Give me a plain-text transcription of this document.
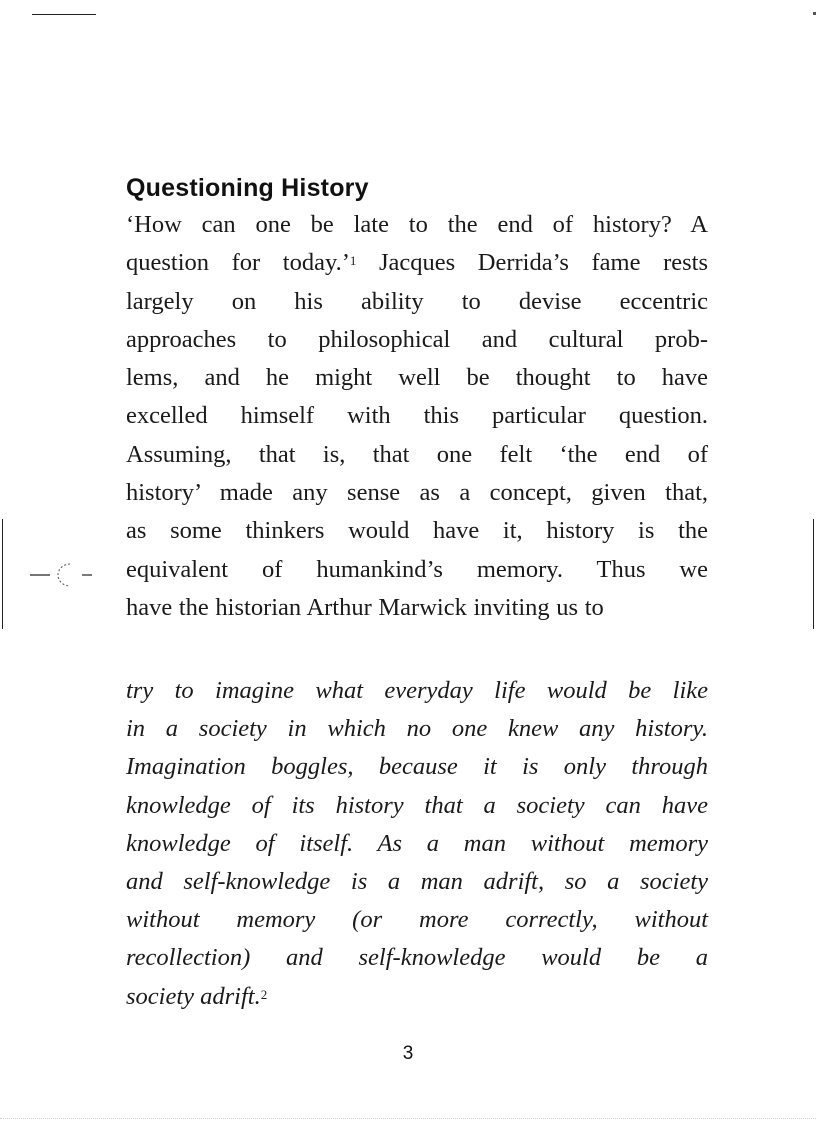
Questioning History
‘How can one be late to the end of history? A
question for today.’$^1$ Jacques Derrida’s fame rests
largely on his ability to devise eccentric
approaches to philosophical and cultural prob-
lems, and he might well be thought to have
excelled himself with this particular question.
Assuming, that is, that one felt ‘the end of
history’ made any sense as a concept, given that,
as some thinkers would have it, history is the
equivalent of humankind’s memory. Thus we
have the historian Arthur Marwick inviting us to
try to imagine what everyday life would be like
in a society in which no one knew any history.
Imagination boggles, because it is only through
knowledge of its history that a society can have
knowledge of itself. As a man without memory
and self-knowledge is a man adrift, so a society
without memory (or more correctly, without
recollection) and self-knowledge would be a
society adrift.$^2$
3
